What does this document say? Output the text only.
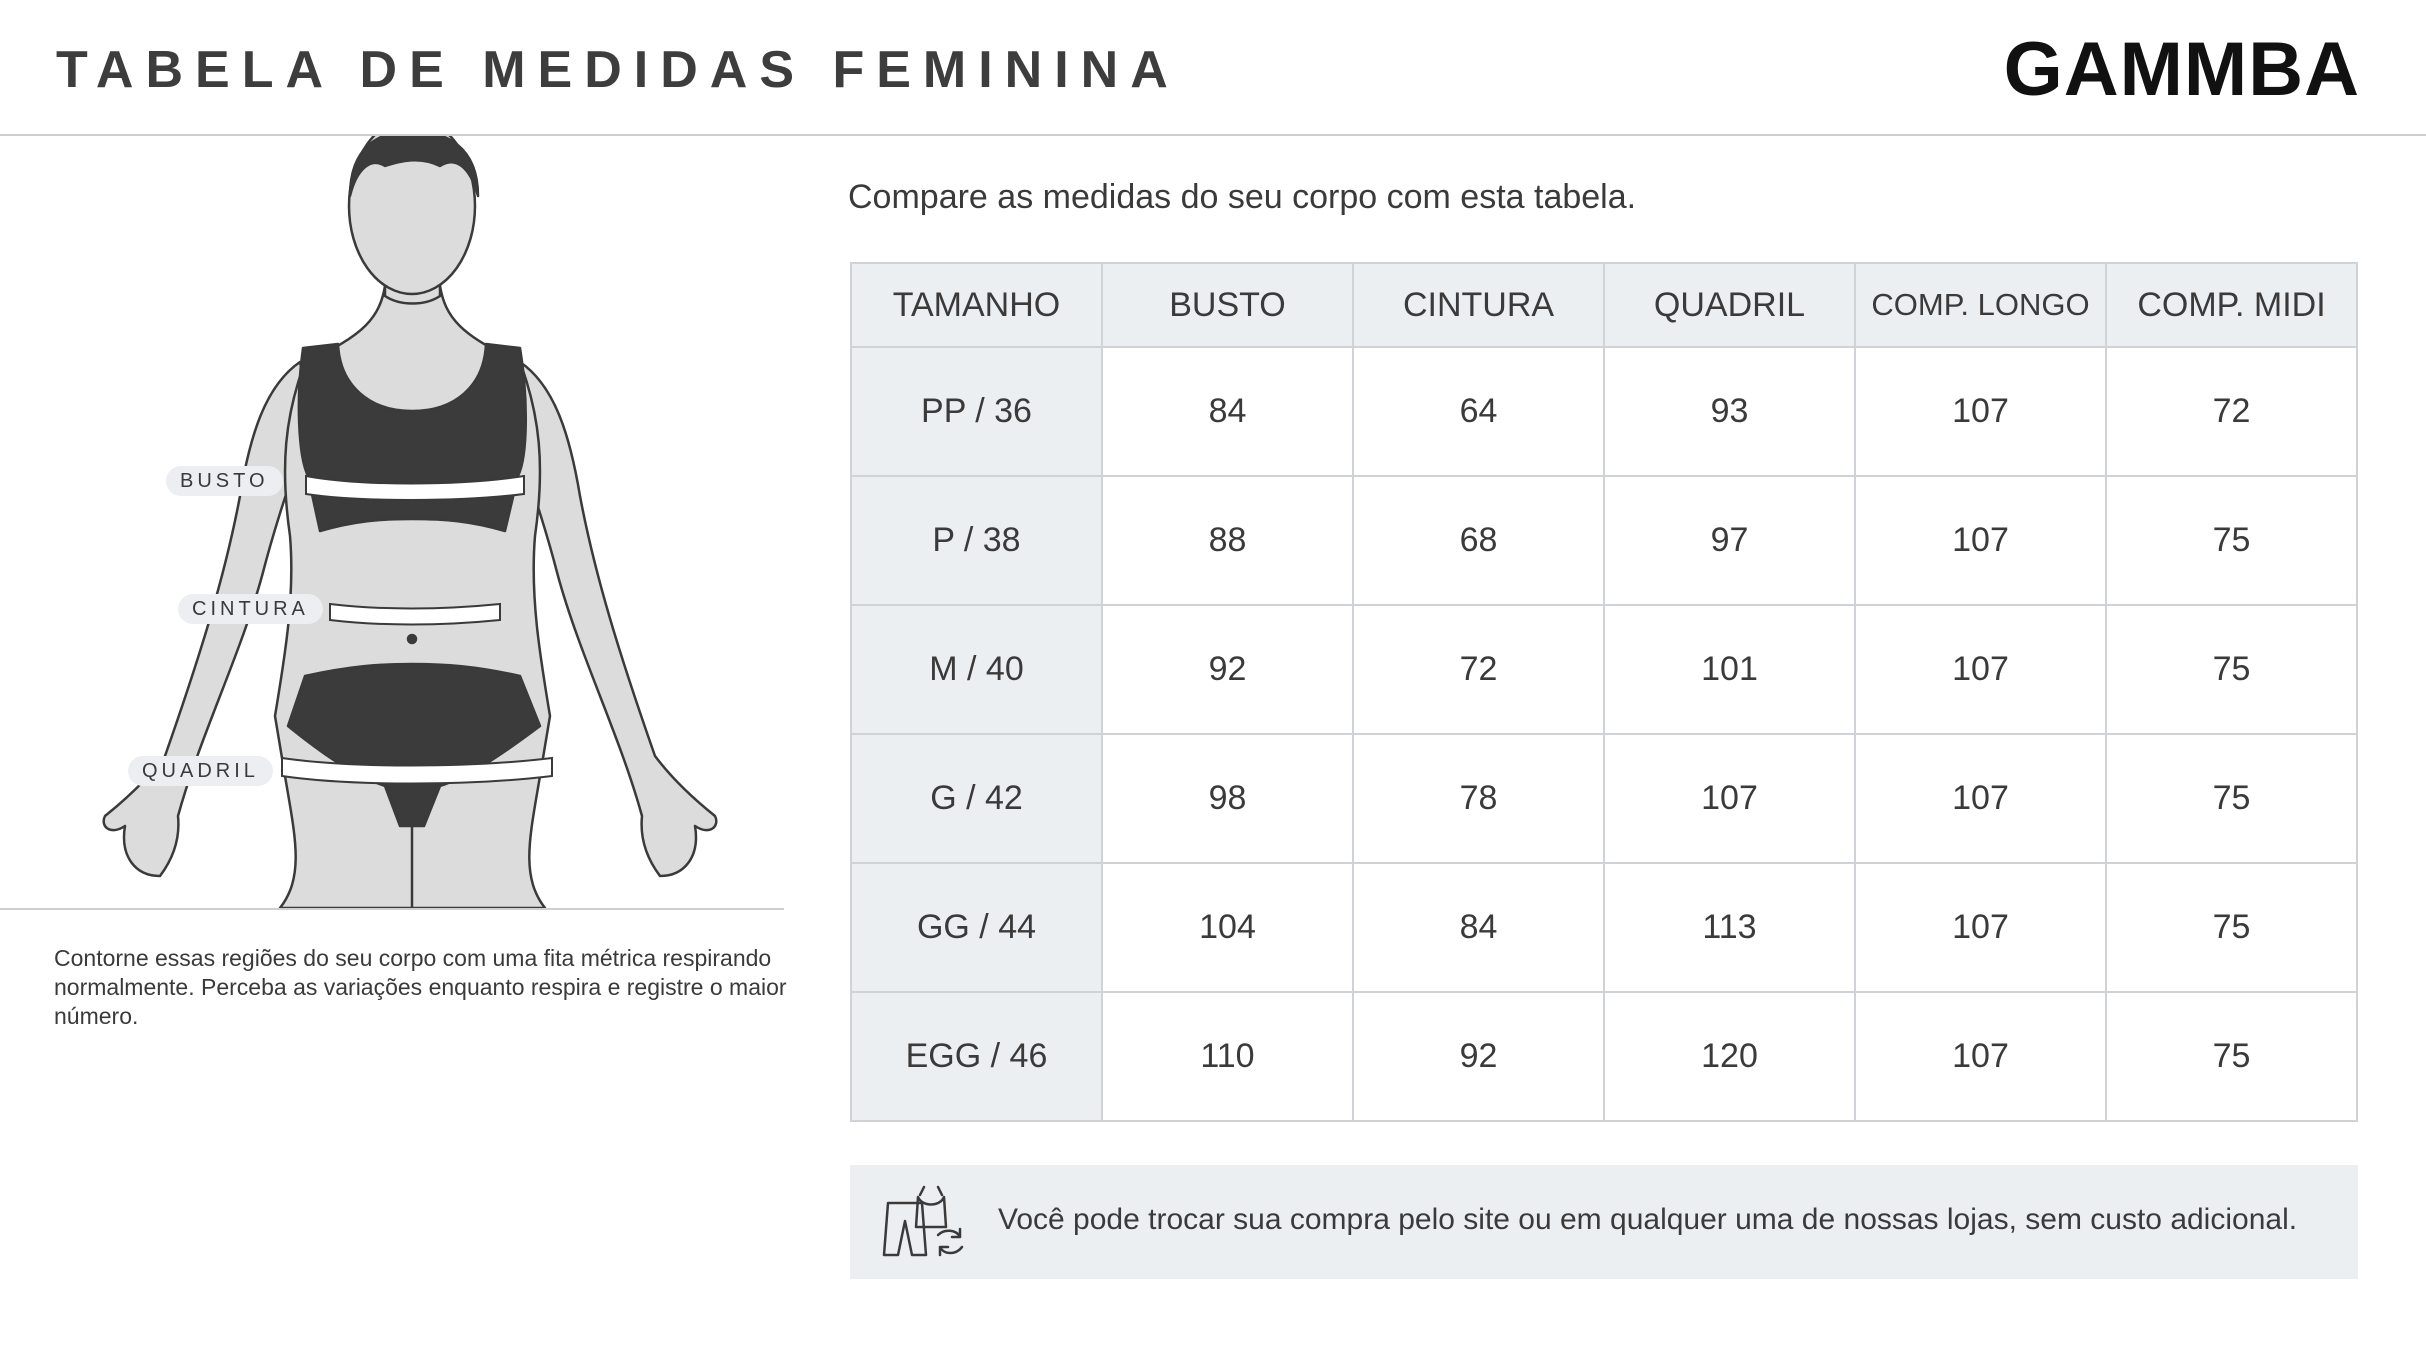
TABELA DE MEDIDAS FEMININA	GAMMBA
BUSTO
CINTURA
QUADRIL
Contorne essas regiões do seu corpo com uma fita métrica respirando normalmente. Perceba as variações enquanto respira e registre o maior número.
Compare as medidas do seu corpo com esta tabela.
TAMANHO	BUSTO	CINTURA	QUADRIL	COMP. LONGO	COMP. MIDI
PP / 36	84	64	93	107	72
P / 38	88	68	97	107	75
M / 40	92	72	101	107	75
G / 42	98	78	107	107	75
GG / 44	104	84	113	107	75
EGG / 46	110	92	120	107	75
Você pode trocar sua compra pelo site ou em qualquer uma de nossas lojas, sem custo adicional.
